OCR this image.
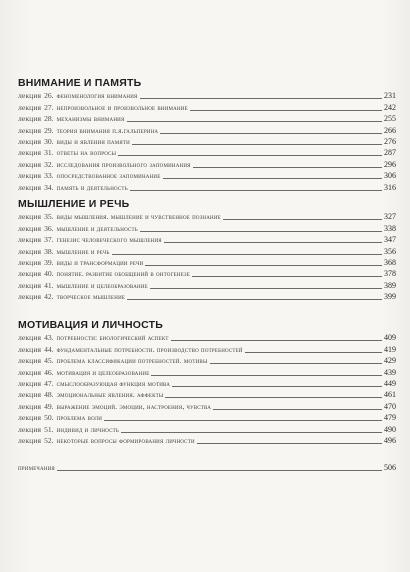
ВНИМАНИЕ И ПАМЯТЬ
лекция 26. феноменология внимания	231
лекция 27. непроизвольное и произвольное внимание	242
лекция 28. механизмы внимания	255
лекция 29. теория внимания п.я.гальперина	266
лекция 30. виды и явления памяти	276
лекция 31. ответы на вопросы	287
лекция 32. исследования произвольного запоминания	296
лекция 33. опосредствованное запоминание	306
лекция 34. память и деятельность	316
МЫШЛЕНИЕ И РЕЧЬ
лекция 35. виды мышления. мышление и чувственное познание	327
лекция 36. мышление и деятельность	338
лекция 37. генезис человеческого мышления	347
лекция 38. мышление и речь	356
лекция 39. виды и трансформации речи	368
лекция 40. понятие. развитие обобщений в онтогенезе	378
лекция 41. мышление и целеобразование	389
лекция 42. творческое мышление	399
МОТИВАЦИЯ И ЛИЧНОСТЬ
лекция 43. потребности: биологический аспект	409
лекция 44. фундаментальные потребности. производство потребностей	419
лекция 45. проблема классификации потребностей. мотивы	429
лекция 46. мотивация и целеобразование	439
лекция 47. смыслообразующая функция мотива	449
лекция 48. эмоциональные явления. аффекты	461
лекция 49. выражение эмоций. эмоции, настроения, чувства	470
лекция 50. проблема воли	479
лекция 51. индивид и личность	490
лекция 52. некоторые вопросы формирования личности	496
примечания	506
